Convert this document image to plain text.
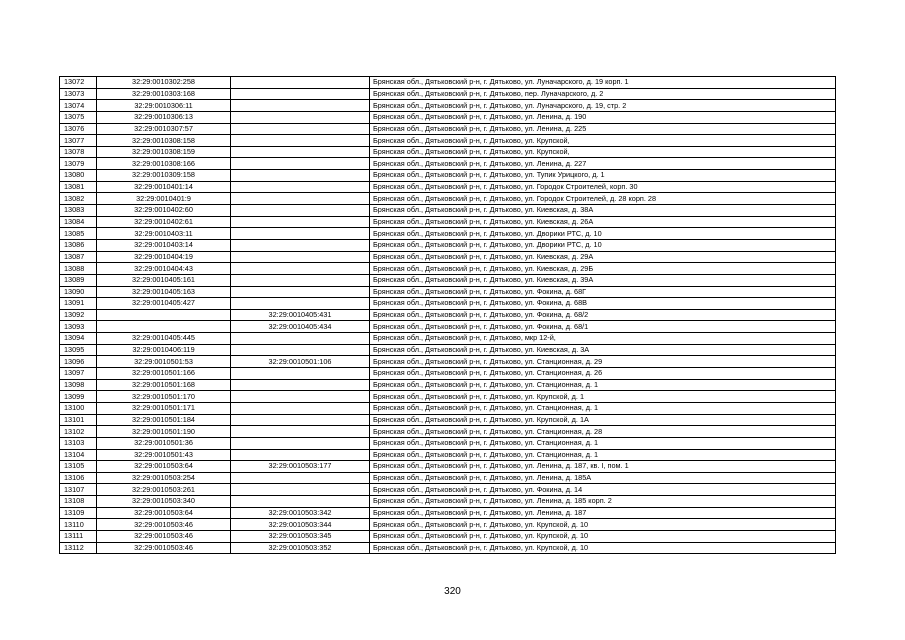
13072	32:29:0010302:258		Брянская обл., Дятьковский р-н, г. Дятьково, ул. Луначарского, д. 19 корп. 1
13073	32:29:0010303:168		Брянская обл., Дятьковский р-н, г. Дятьково, пер. Луначарского, д. 2
13074	32:29:0010306:11		Брянская обл., Дятьковский р-н, г. Дятьково, ул. Луначарского, д. 19, стр. 2
13075	32:29:0010306:13		Брянская обл., Дятьковский р-н, г. Дятьково, ул. Ленина, д. 190
13076	32:29:0010307:57		Брянская обл., Дятьковский р-н, г. Дятьково, ул. Ленина, д. 225
13077	32:29:0010308:158		Брянская обл., Дятьковский р-н, г. Дятьково, ул. Крупской,
13078	32:29:0010308:159		Брянская обл., Дятьковский р-н, г. Дятьково, ул. Крупской,
13079	32:29:0010308:166		Брянская обл., Дятьковский р-н, г. Дятьково, ул. Ленина, д. 227
13080	32:29:0010309:158		Брянская обл., Дятьковский р-н, г. Дятьково, ул. Тупик Урицкого, д. 1
13081	32:29:0010401:14		Брянская обл., Дятьковский р-н, г. Дятьково, ул. Городок Строителей, корп. 30
13082	32:29:0010401:9		Брянская обл., Дятьковский р-н, г. Дятьково, ул. Городок Строителей, д. 28 корп. 28
13083	32:29:0010402:60		Брянская обл., Дятьковский р-н, г. Дятьково, ул. Киевская, д. 38А
13084	32:29:0010402:61		Брянская обл., Дятьковский р-н, г. Дятьково, ул. Киевская, д. 26А
13085	32:29:0010403:11		Брянская обл., Дятьковский р-н, г. Дятьково, ул. Дворики РТС, д. 10
13086	32:29:0010403:14		Брянская обл., Дятьковский р-н, г. Дятьково, ул. Дворики РТС, д. 10
13087	32:29:0010404:19		Брянская обл., Дятьковский р-н, г. Дятьково, ул. Киевская, д. 29А
13088	32:29:0010404:43		Брянская обл., Дятьковский р-н, г. Дятьково, ул. Киевская, д. 29Б
13089	32:29:0010405:161		Брянская обл., Дятьковский р-н, г. Дятьково, ул. Киевская, д. 39А
13090	32:29:0010405:163		Брянская обл., Дятьковский р-н, г. Дятьково, ул. Фокина, д. 68Г
13091	32:29:0010405:427		Брянская обл., Дятьковский р-н, г. Дятьково, ул. Фокина, д. 68В
13092		32:29:0010405:431	Брянская обл., Дятьковский р-н, г. Дятьково, ул. Фокина, д. 68/2
13093		32:29:0010405:434	Брянская обл., Дятьковский р-н, г. Дятьково, ул. Фокина, д. 68/1
13094	32:29:0010405:445		Брянская обл., Дятьковский р-н, г. Дятьково, мкр 12-й,
13095	32:29:0010406:119		Брянская обл., Дятьковский р-н, г. Дятьково, ул. Киевская, д. 3А
13096	32:29:0010501:53	32:29:0010501:106	Брянская обл., Дятьковский р-н, г. Дятьково, ул. Станционная, д. 29
13097	32:29:0010501:166		Брянская обл., Дятьковский р-н, г. Дятьково, ул. Станционная, д. 26
13098	32:29:0010501:168		Брянская обл., Дятьковский р-н, г. Дятьково, ул. Станционная, д. 1
13099	32:29:0010501:170		Брянская обл., Дятьковский р-н, г. Дятьково, ул. Крупской, д. 1
13100	32:29:0010501:171		Брянская обл., Дятьковский р-н, г. Дятьково, ул. Станционная, д. 1
13101	32:29:0010501:184		Брянская обл., Дятьковский р-н, г. Дятьково, ул. Крупской, д. 1А
13102	32:29:0010501:190		Брянская обл., Дятьковский р-н, г. Дятьково, ул. Станционная, д. 28
13103	32:29:0010501:36		Брянская обл., Дятьковский р-н, г. Дятьково, ул. Станционная, д. 1
13104	32:29:0010501:43		Брянская обл., Дятьковский р-н, г. Дятьково, ул. Станционная, д. 1
13105	32:29:0010503:64	32:29:0010503:177	Брянская обл., Дятьковский р-н, г. Дятьково, ул. Ленина, д. 187, кв. I, пом. 1
13106	32:29:0010503:254		Брянская обл., Дятьковский р-н, г. Дятьково, ул. Ленина, д. 185А
13107	32:29:0010503:261		Брянская обл., Дятьковский р-н, г. Дятьково, ул. Фокина, д. 14
13108	32:29:0010503:340		Брянская обл., Дятьковский р-н, г. Дятьково, ул. Ленина, д. 185 корп. 2
13109	32:29:0010503:64	32:29:0010503:342	Брянская обл., Дятьковский р-н, г. Дятьково, ул. Ленина, д. 187
13110	32:29:0010503:46	32:29:0010503:344	Брянская обл., Дятьковский р-н, г. Дятьково, ул. Крупской, д. 10
13111	32:29:0010503:46	32:29:0010503:345	Брянская обл., Дятьковский р-н, г. Дятьково, ул. Крупской, д. 10
13112	32:29:0010503:46	32:29:0010503:352	Брянская обл., Дятьковский р-н, г. Дятьково, ул. Крупской, д. 10
320
